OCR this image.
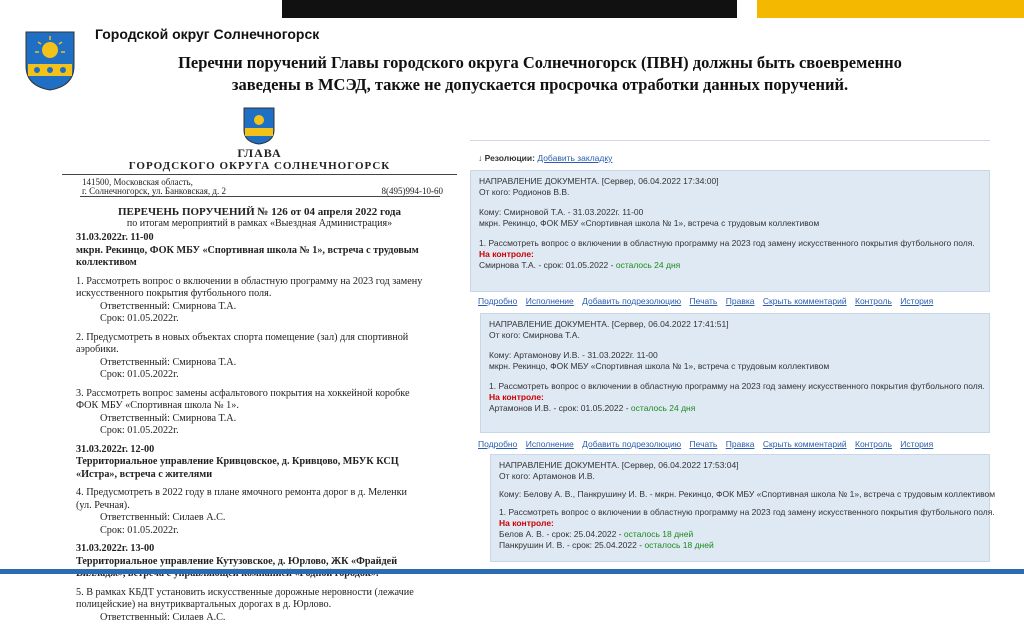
Городской округ Солнечногорск
Перечни поручений Главы городского округа Солнечногорск (ПВН) должны быть своевременно
заведены в МСЭД, также не допускается просрочка отработки данных поручений.
ГЛАВА
ГОРОДСКОГО ОКРУГА СОЛНЕЧНОГОРСК
141500, Московская область,
г. Солнечногорск, ул. Банковская, д. 2	8(495)994-10-60
ПЕРЕЧЕНЬ ПОРУЧЕНИЙ № 126 от 04 апреля 2022 года
по итогам мероприятий в рамках «Выездная Администрация»

31.03.2022г. 11-00
мкрн. Рекинцо, ФОК МБУ «Спортивная школа № 1», встреча с трудовым
коллективом

1. Рассмотреть вопрос о включении в областную программу на 2023 год замену
искусственного покрытия футбольного поля.
Ответственный: Смирнова Т.А.
Срок: 01.05.2022г.

2. Предусмотреть в новых объектах спорта помещение (зал) для спортивной
аэробики.
Ответственный: Смирнова Т.А.
Срок: 01.05.2022г.

3. Рассмотреть вопрос замены асфальтового покрытия на хоккейной коробке
ФОК МБУ «Спортивная школа № 1».
Ответственный: Смирнова Т.А.
Срок: 01.05.2022г.

31.03.2022г. 12-00
Территориальное управление Кривцовское, д. Кривцово, МБУК КСЦ
«Истра», встреча с жителями

4. Предусмотреть в 2022 году в плане ямочного ремонта дорог в д. Меленки
(ул. Речная).
Ответственный: Силаев А.С.
Срок: 01.05.2022г.

31.03.2022г. 13-00
Территориальное управление Кутузовское, д. Юрлово, ЖК «Фрайдей

5. В рамках КБДТ установить искусственные дорожные неровности (лежачие
полицейские) на внутриквартальных дорогах в д. Юрлово.
Ответственный: Силаев А.С.

↓ Резолюции: Добавить закладку
НАПРАВЛЕНИЕ ДОКУМЕНТА. [Сервер, 06.04.2022 17:34:00]
От кого: Родионов В.В.
Кому: Смирновой Т.А. - 31.03.2022г. 11-00
мкрн. Рекинцо, ФОК МБУ «Спортивная школа № 1», встреча с трудовым коллективом
1. Рассмотреть вопрос о включении в областную программу на 2023 год замену искусственного покрытия футбольного поля.
На контроле:
Смирнова Т.А. - срок: 01.05.2022 - осталось 24 дня
Подробно Исполнение Добавить подрезолюцию Печать Правка Скрыть комментарий Контроль История
НАПРАВЛЕНИЕ ДОКУМЕНТА. [Сервер, 06.04.2022 17:41:51]
От кого: Смирнова Т.А.
Кому: Артамонову И.В. - 31.03.2022г. 11-00
мкрн. Рекинцо, ФОК МБУ «Спортивная школа № 1», встреча с трудовым коллективом
1. Рассмотреть вопрос о включении в областную программу на 2023 год замену искусственного покрытия футбольного поля.
На контроле:
Артамонов И.В. - срок: 01.05.2022 - осталось 24 дня
Подробно Исполнение Добавить подрезолюцию Печать Правка Скрыть комментарий Контроль История
НАПРАВЛЕНИЕ ДОКУМЕНТА. [Сервер, 06.04.2022 17:53:04]
От кого: Артамонов И.В.
Кому: Белову А. В., Панкрушину И. В. - мкрн. Рекинцо, ФОК МБУ «Спортивная школа № 1», встреча с трудовым коллективом
1. Рассмотреть вопрос о включении в областную программу на 2023 год замену искусственного покрытия футбольного поля.
На контроле:
Белов А. В. - срок: 25.04.2022 - осталось 18 дней
Панкрушин И. В. - срок: 25.04.2022 - осталось 18 дней
